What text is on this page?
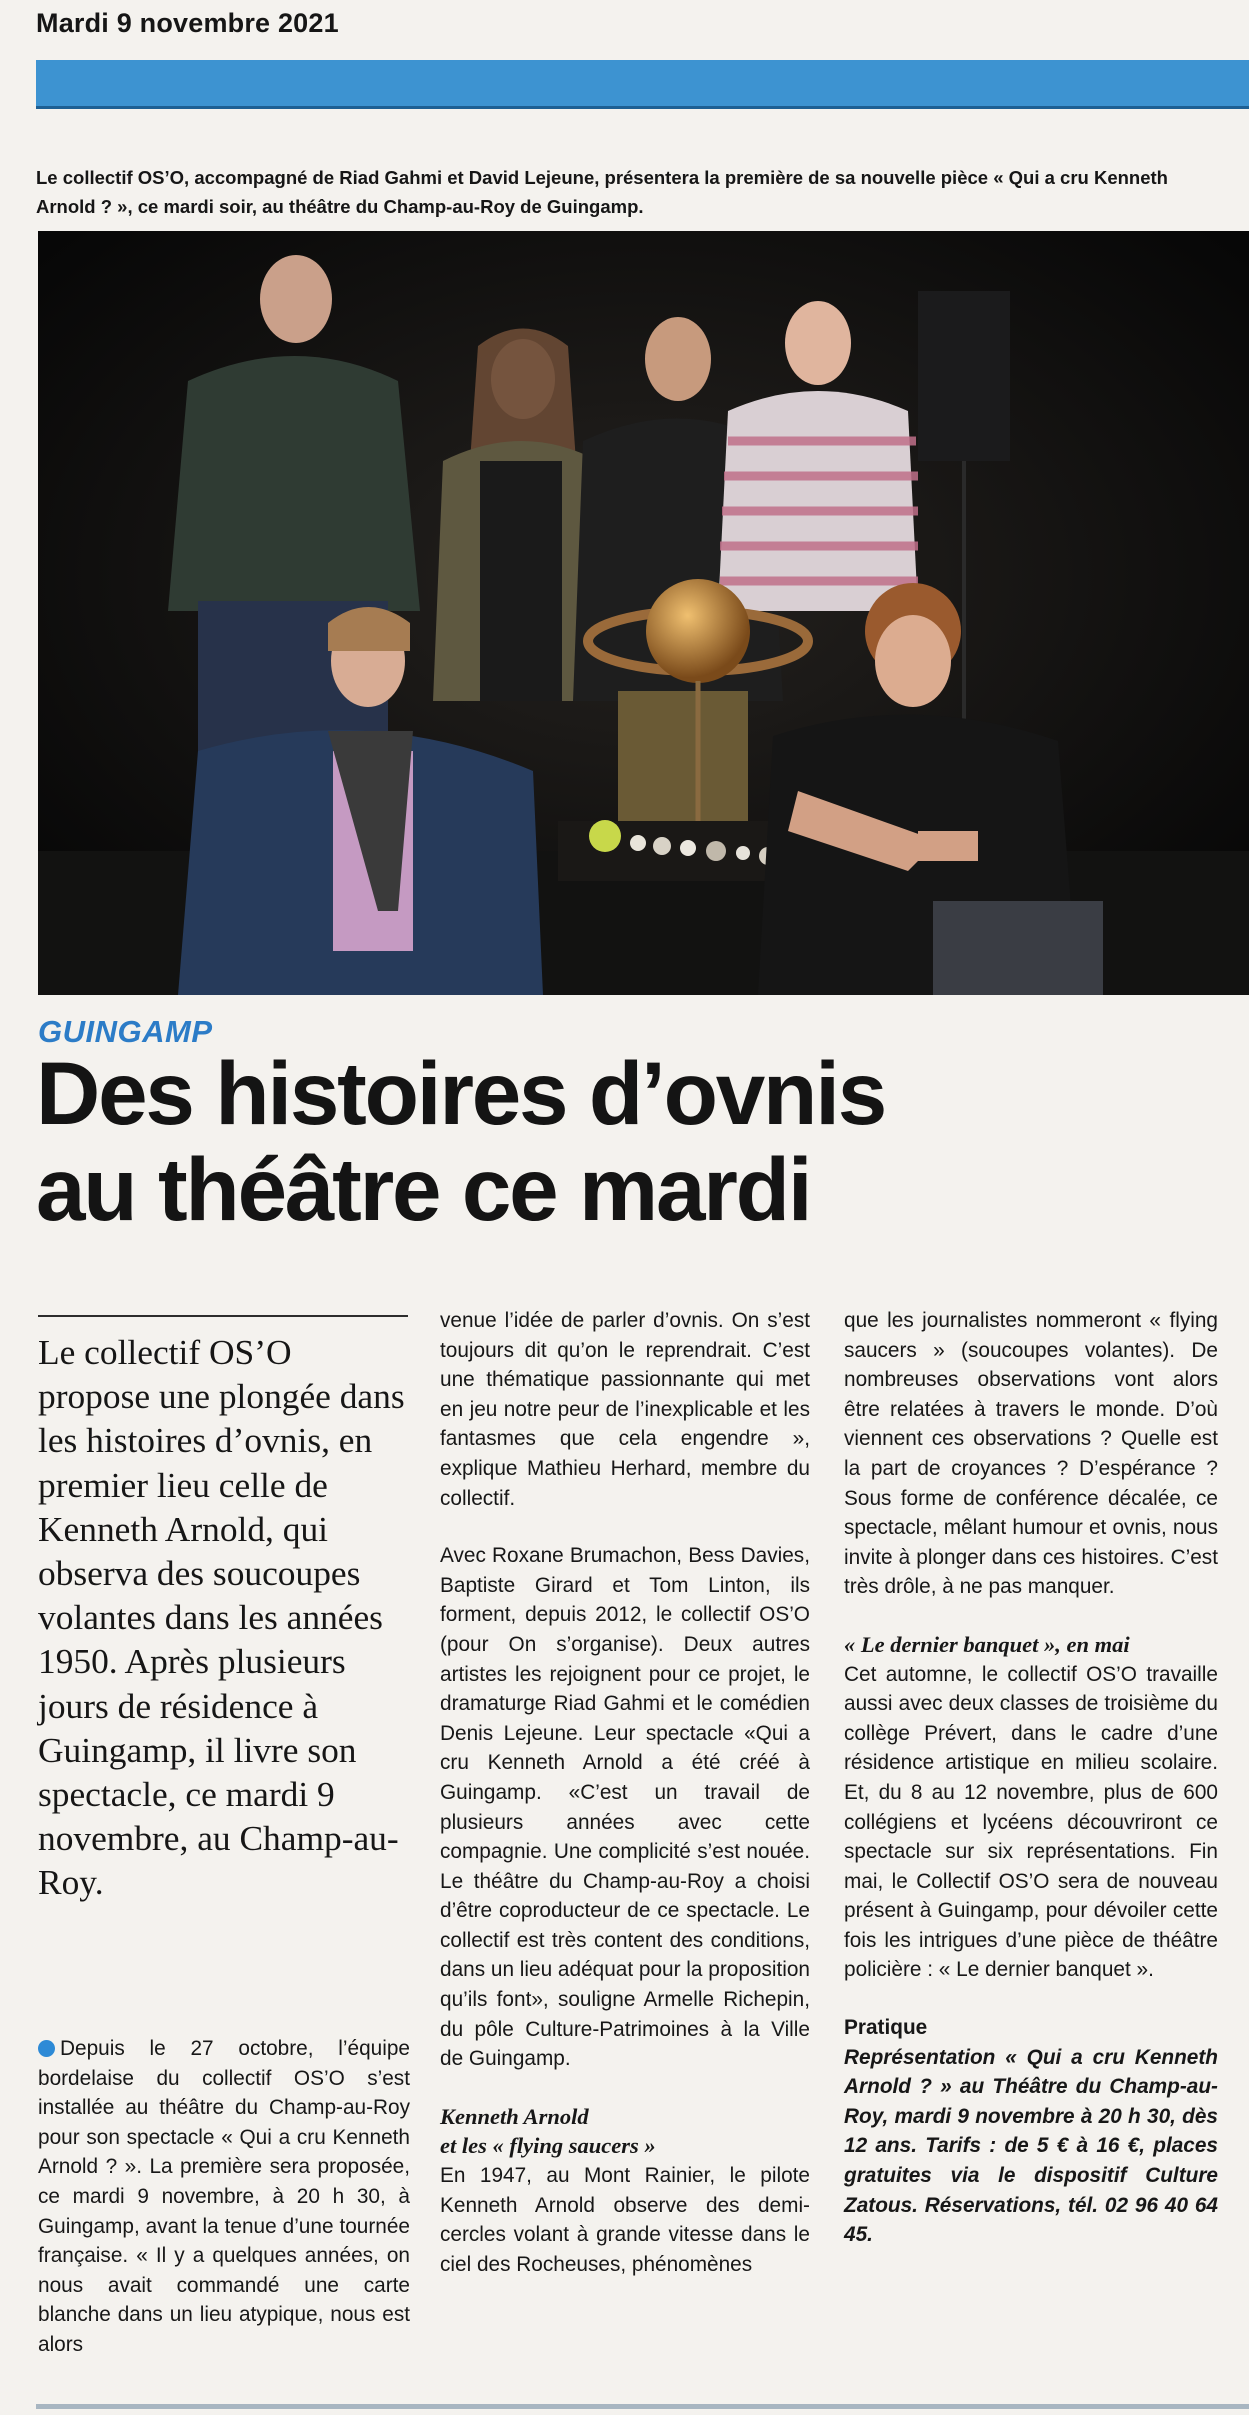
Mardi 9 novembre 2021
Le collectif OS’O, accompagné de Riad Gahmi et David Lejeune, présentera la première de sa nouvelle pièce « Qui a cru Kenneth Arnold ? », ce mardi soir, au théâtre du Champ-au-Roy de Guingamp.
GUINGAMP
Des histoires d’ovnis
au théâtre ce mardi
Le collectif OS’O propose une plongée dans les histoires d’ovnis, en premier lieu celle de Kenneth Arnold, qui observa des soucoupes volantes dans les années 1950. Après plusieurs jours de résidence à Guingamp, il livre son spectacle, ce mardi 9 novembre, au Champ-au-Roy.

Depuis le 27 octobre, l’équipe bordelaise du collectif OS’O s’est installée au théâtre du Champ-au-Roy pour son spectacle « Qui a cru Kenneth Arnold ? ». La première sera proposée, ce mardi 9 novembre, à 20 h 30, à Guingamp, avant la tenue d’une tournée française. « Il y a quelques années, on nous avait commandé une carte blanche dans un lieu atypique, nous est alors

venue l’idée de parler d’ovnis. On s’est toujours dit qu’on le reprendrait. C’est une thématique passionnante qui met en jeu notre peur de l’inexplicable et les fantasmes que cela engendre », explique Mathieu Herhard, membre du collectif.

Avec Roxane Brumachon, Bess Davies, Baptiste Girard et Tom Linton, ils forment, depuis 2012, le collectif OS’O (pour On s’organise). Deux autres artistes les rejoignent pour ce projet, le dramaturge Riad Gahmi et le comédien Denis Lejeune. Leur spectacle «Qui a cru Kenneth Arnold a été créé à Guingamp. «C’est un travail de plusieurs années avec cette compagnie. Une complicité s’est nouée. Le théâtre du Champ-au-Roy a choisi d’être coproducteur de ce spectacle. Le collectif est très content des conditions, dans un lieu adéquat pour la proposition qu’ils font», souligne Armelle Richepin, du pôle Culture-Patrimoines à la Ville de Guingamp.

Kenneth Arnold
et les « flying saucers »

En 1947, au Mont Rainier, le pilote Kenneth Arnold observe des demi-cercles volant à grande vitesse dans le ciel des Rocheuses, phénomènes

que les journalistes nommeront « flying saucers » (soucoupes volantes). De nombreuses observations vont alors être relatées à travers le monde. D’où viennent ces observations ? Quelle est la part de croyances ? D’espérance ? Sous forme de conférence décalée, ce spectacle, mêlant humour et ovnis, nous invite à plonger dans ces histoires. C’est très drôle, à ne pas manquer.

« Le dernier banquet », en mai

Cet automne, le collectif OS’O travaille aussi avec deux classes de troisième du collège Prévert, dans le cadre d’une résidence artistique en milieu scolaire. Et, du 8 au 12 novembre, plus de 600 collégiens et lycéens découvriront ce spectacle sur six représentations. Fin mai, le Collectif OS’O sera de nouveau présent à Guingamp, pour dévoiler cette fois les intrigues d’une pièce de théâtre policière : « Le dernier banquet ».

Pratique

Représentation « Qui a cru Kenneth Arnold ? » au Théâtre du Champ-au-Roy, mardi 9 novembre à 20 h 30, dès 12 ans. Tarifs : de 5 € à 16 €, places gratuites via le dispositif Culture Zatous. Réservations, tél. 02 96 40 64 45.
